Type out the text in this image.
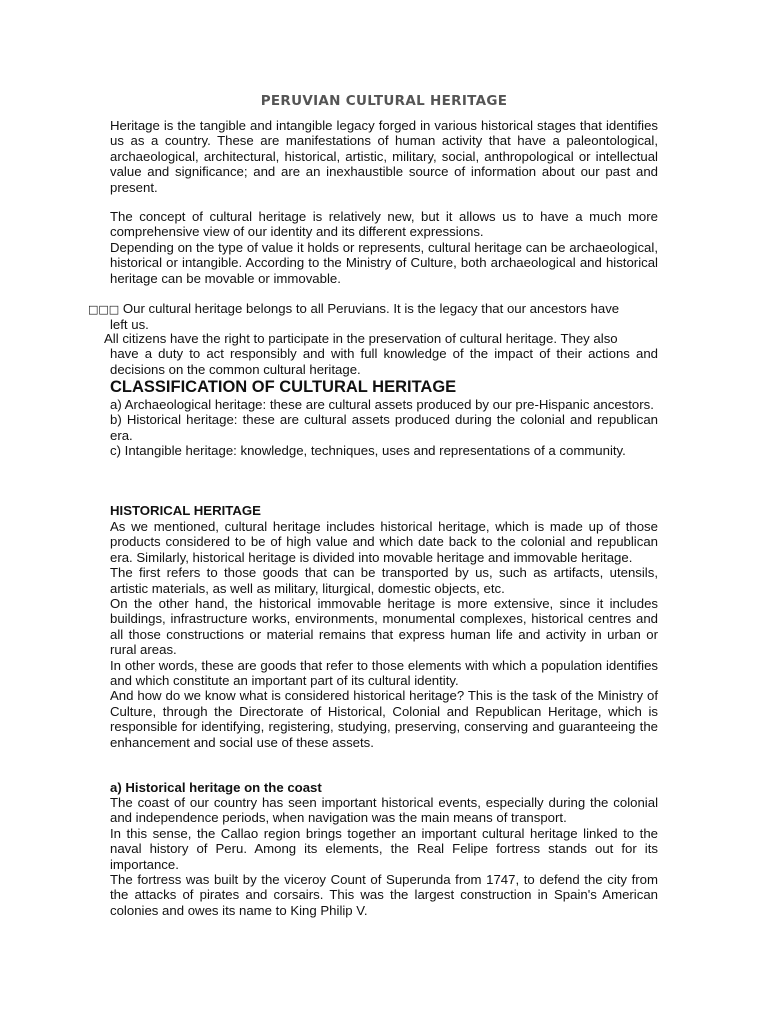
PERUVIAN CULTURAL HERITAGE

Heritage is the tangible and intangible legacy forged in various historical stages that identifies us as a country. These are manifestations of human activity that have a paleontological, archaeological, architectural, historical, artistic, military, social, anthropological or intellectual value and significance; and are an inexhaustible source of information about our past and present.

The concept of cultural heritage is relatively new, but it allows us to have a much more comprehensive view of our identity and its different expressions.

Depending on the type of value it holds or represents, cultural heritage can be archaeological, historical or intangible. According to the Ministry of Culture, both archaeological and historical heritage can be movable or immovable.

□□□ Our cultural heritage belongs to all Peruvians. It is the legacy that our ancestors have
left us.
All citizens have the right to participate in the preservation of cultural heritage. They also
have a duty to act responsibly and with full knowledge of the impact of their actions and decisions on the common cultural heritage.
CLASSIFICATION OF CULTURAL HERITAGE

a) Archaeological heritage: these are cultural assets produced by our pre-Hispanic ancestors.

b) Historical heritage: these are cultural assets produced during the colonial and republican era.

c) Intangible heritage: knowledge, techniques, uses and representations of a community.

HISTORICAL HERITAGE

As we mentioned, cultural heritage includes historical heritage, which is made up of those products considered to be of high value and which date back to the colonial and republican era. Similarly, historical heritage is divided into movable heritage and immovable heritage.

The first refers to those goods that can be transported by us, such as artifacts, utensils, artistic materials, as well as military, liturgical, domestic objects, etc.

On the other hand, the historical immovable heritage is more extensive, since it includes buildings, infrastructure works, environments, monumental complexes, historical centres and all those constructions or material remains that express human life and activity in urban or rural areas.

In other words, these are goods that refer to those elements with which a population identifies and which constitute an important part of its cultural identity.

And how do we know what is considered historical heritage? This is the task of the Ministry of Culture, through the Directorate of Historical, Colonial and Republican Heritage, which is responsible for identifying, registering, studying, preserving, conserving and guaranteeing the enhancement and social use of these assets.

a) Historical heritage on the coast

The coast of our country has seen important historical events, especially during the colonial and independence periods, when navigation was the main means of transport.

In this sense, the Callao region brings together an important cultural heritage linked to the naval history of Peru. Among its elements, the Real Felipe fortress stands out for its importance.

The fortress was built by the viceroy Count of Superunda from 1747, to defend the city from the attacks of pirates and corsairs. This was the largest construction in Spain's American colonies and owes its name to King Philip V.
